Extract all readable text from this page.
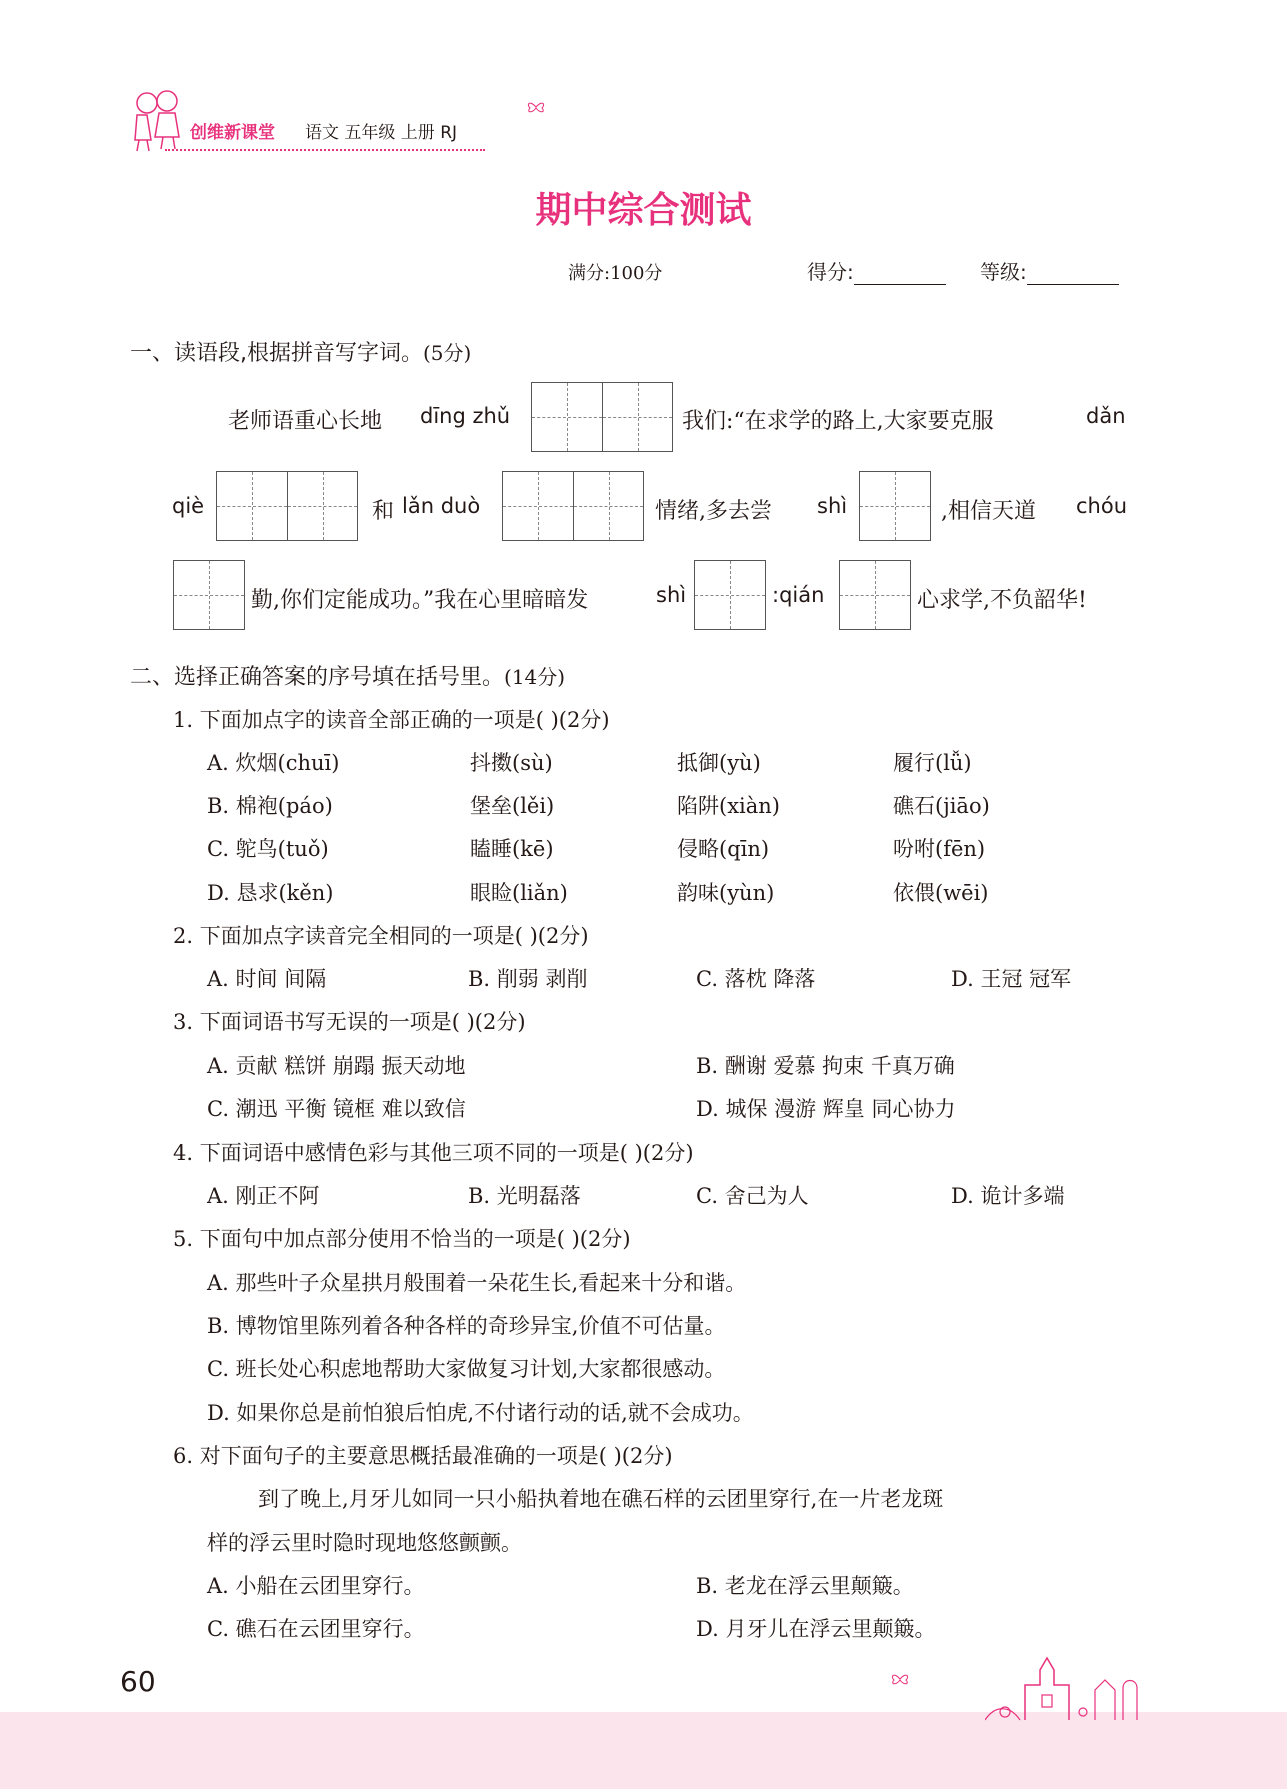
创维新课堂 语文 五年级 上册 RJ
期中综合测试
满分:100分	得分:	等级:
一、读语段,根据拼音写字词。(5分)
老师语重心长地 dīng zhǔ	我们:“在求学的路上,大家要克服	dǎn
qiè	和 lǎn duò	情绪,多去尝 shì	,相信天道 chóu
勤,你们定能成功。”我在心里暗暗发	shì	:qián	心求学,不负韶华!
二、选择正确答案的序号填在括号里。(14分)
1. 下面加点字的读音全部正确的一项是( )(2分)
A. 炊烟(chuī)	抖擞(sù)	抵御(yù)	履行(lǚ)
B. 棉袍(páo)	堡垒(lěi)	陷阱(xiàn)	礁石(jiāo)
C. 鸵鸟(tuǒ)	瞌睡(kē)	侵略(qīn)	吩咐(fēn)
D. 恳求(kěn)	眼睑(liǎn)	韵味(yùn)	依偎(wēi)
2. 下面加点字读音完全相同的一项是( )(2分)
A. 时间 间隔	B. 削弱 剥削	C. 落枕 降落	D. 王冠 冠军
3. 下面词语书写无误的一项是( )(2分)
A. 贡献 糕饼 崩蹋 振天动地	B. 酬谢 爱慕 拘束 千真万确
C. 潮迅 平衡 镜框 难以致信	D. 城保 漫游 辉皇 同心协力
4. 下面词语中感情色彩与其他三项不同的一项是( )(2分)
A. 刚正不阿	B. 光明磊落	C. 舍己为人	D. 诡计多端
5. 下面句中加点部分使用不恰当的一项是( )(2分)
A. 那些叶子众星拱月般围着一朵花生长,看起来十分和谐。
B. 博物馆里陈列着各种各样的奇珍异宝,价值不可估量。
C. 班长处心积虑地帮助大家做复习计划,大家都很感动。
D. 如果你总是前怕狼后怕虎,不付诸行动的话,就不会成功。
6. 对下面句子的主要意思概括最准确的一项是( )(2分)
到了晚上,月牙儿如同一只小船执着地在礁石样的云团里穿行,在一片老龙斑
样的浮云里时隐时现地悠悠颤颤。
A. 小船在云团里穿行。	B. 老龙在浮云里颠簸。
C. 礁石在云团里穿行。	D. 月牙儿在浮云里颠簸。
60
